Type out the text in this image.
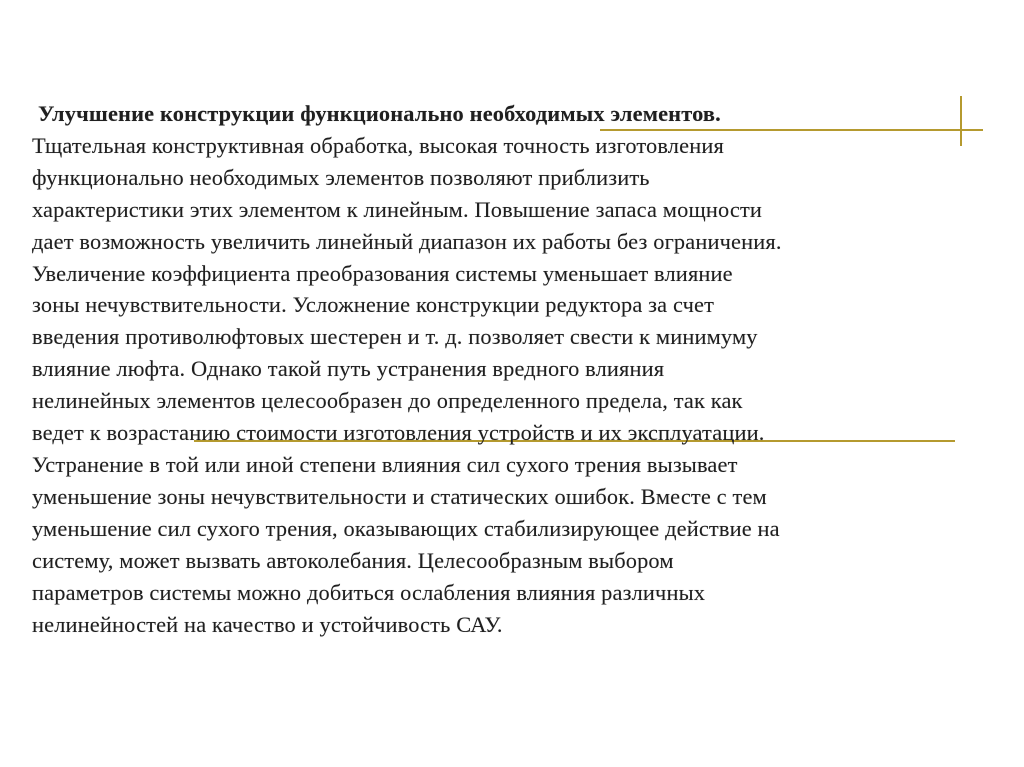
Улучшение конструкции функционально необходимых элементов.
Тщательная конструктивная обработка, высокая точность изготовления
функционально необходимых элементов позволяют приблизить
характеристики этих элементом к линейным. Повышение запаса мощности
дает возможность увеличить линейный диапазон их работы без ограничения.
Увеличение коэффициента преобразования системы уменьшает влияние
зоны нечувствительности. Усложнение конструкции редуктора за счет
введения противолюфтовых шестерен и т. д. позволяет свести к минимуму
влияние люфта. Однако такой путь устранения вредного влияния
нелинейных элементов целесообразен до определенного предела, так как
ведет к возрастанию стоимости изготовления устройств и их эксплуатации.
Устранение в той или иной степени влияния сил сухого трения вызывает
уменьшение зоны нечувствительности и статических ошибок. Вместе с тем
уменьшение сил сухого трения, оказывающих стабилизирующее действие на
систему, может вызвать автоколебания. Целесообразным выбором
параметров системы можно добиться ослабления влияния различных
нелинейностей на качество и устойчивость САУ.
